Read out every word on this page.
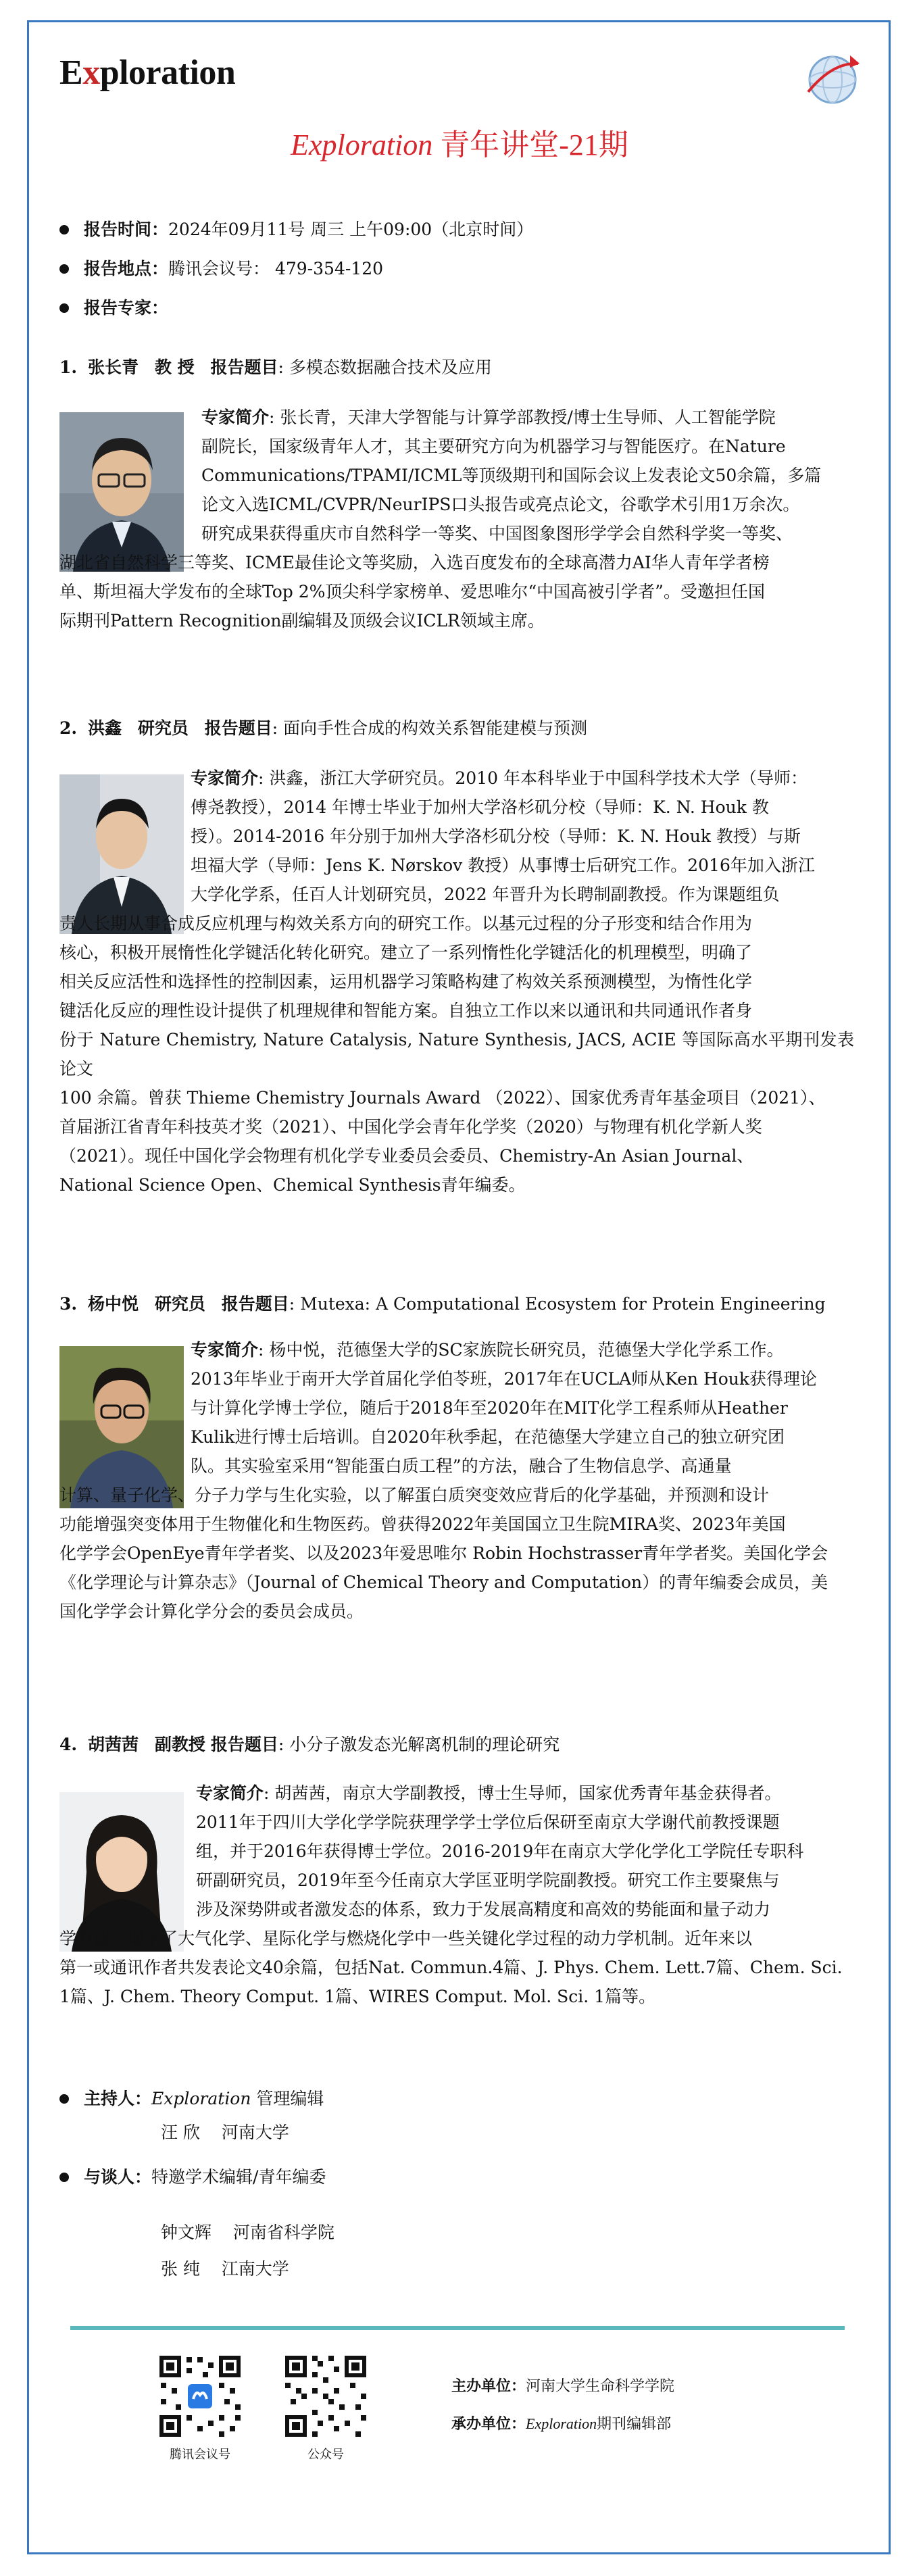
Exploration
Exploration 青年讲堂-21期
报告时间：2024年09月11号 周三 上午09:00（北京时间）
报告地点：腾讯会议号： 479-354-120
报告专家：
1. 张长青 教 授 报告题目: 多模态数据融合技术及应用

专家简介: 张长青，天津大学智能与计算学部教授/博士生导师、人工智能学院

副院长，国家级青年人才，其主要研究方向为机器学习与智能医疗。在Nature

Communications/TPAMI/ICML等顶级期刊和国际会议上发表论文50余篇，多篇

论文入选ICML/CVPR/NeurIPS口头报告或亮点论文，谷歌学术引用1万余次。

研究成果获得重庆市自然科学一等奖、中国图象图形学学会自然科学奖一等奖、

湖北省自然科学三等奖、ICME最佳论文等奖励，入选百度发布的全球高潜力AI华人青年学者榜

单、斯坦福大学发布的全球Top 2%顶尖科学家榜单、爱思唯尔“中国高被引学者”。受邀担任国

际期刊Pattern Recognition副编辑及顶级会议ICLR领域主席。

2. 洪鑫 研究员 报告题目: 面向手性合成的构效关系智能建模与预测

专家简介: 洪鑫，浙江大学研究员。2010 年本科毕业于中国科学技术大学（导师：

傅尧教授），2014 年博士毕业于加州大学洛杉矶分校（导师：K. N. Houk 教

授）。2014-2016 年分别于加州大学洛杉矶分校（导师：K. N. Houk 教授）与斯

坦福大学（导师：Jens K. Nørskov 教授）从事博士后研究工作。2016年加入浙江

大学化学系，任百人计划研究员，2022 年晋升为长聘制副教授。作为课题组负

责人长期从事合成反应机理与构效关系方向的研究工作。以基元过程的分子形变和结合作用为

核心，积极开展惰性化学键活化转化研究。建立了一系列惰性化学键活化的机理模型，明确了

相关反应活性和选择性的控制因素，运用机器学习策略构建了构效关系预测模型，为惰性化学

键活化反应的理性设计提供了机理规律和智能方案。自独立工作以来以通讯和共同通讯作者身

份于 Nature Chemistry, Nature Catalysis, Nature Synthesis, JACS, ACIE 等国际高水平期刊发表论文

100 余篇。曾获 Thieme Chemistry Journals Award （2022）、国家优秀青年基金项目（2021）、

首届浙江省青年科技英才奖（2021）、中国化学会青年化学奖（2020）与物理有机化学新人奖

（2021）。现任中国化学会物理有机化学专业委员会委员、Chemistry-An Asian Journal、

National Science Open、Chemical Synthesis青年编委。

3. 杨中悦 研究员 报告题目: Mutexa: A Computational Ecosystem for Protein Engineering

专家简介: 杨中悦，范德堡大学的SC家族院长研究员，范德堡大学化学系工作。

2013年毕业于南开大学首届化学伯苓班，2017年在UCLA师从Ken Houk获得理论

与计算化学博士学位，随后于2018年至2020年在MIT化学工程系师从Heather

Kulik进行博士后培训。自2020年秋季起，在范德堡大学建立自己的独立研究团

队。其实验室采用“智能蛋白质工程”的方法，融合了生物信息学、高通量

计算、量子化学、分子力学与生化实验，以了解蛋白质突变效应背后的化学基础，并预测和设计

功能增强突变体用于生物催化和生物医药。曾获得2022年美国国立卫生院MIRA奖、2023年美国

化学学会OpenEye青年学者奖、以及2023年爱思唯尔 Robin Hochstrasser青年学者奖。美国化学会

《化学理论与计算杂志》（Journal of Chemical Theory and Computation）的青年编委会成员，美

国化学学会计算化学分会的委员会成员。

4. 胡茜茜 副教授 报告题目: 小分子激发态光解离机制的理论研究

专家简介: 胡茜茜，南京大学副教授，博士生导师，国家优秀青年基金获得者。

2011年于四川大学化学学院获理学学士学位后保研至南京大学谢代前教授课题

组，并于2016年获得博士学位。2016-2019年在南京大学化学化工学院任专职科

研副研究员，2019年至今任南京大学匡亚明学院副教授。研究工作主要聚焦与

涉及深势阱或者激发态的体系，致力于发展高精度和高效的势能面和量子动力

学方法，揭示了大气化学、星际化学与燃烧化学中一些关键化学过程的动力学机制。近年来以

第一或通讯作者共发表论文40余篇，包括Nat. Commun.4篇、J. Phys. Chem. Lett.7篇、Chem. Sci.

1篇、J. Chem. Theory Comput. 1篇、WIRES Comput. Mol. Sci. 1篇等。

主持人：Exploration 管理编辑
汪 欣 河南大学
与谈人：特邀学术编辑/青年编委
钟文辉 河南省科学院
张 纯 江南大学
腾讯会议号	公众号
主办单位：河南大学生命科学学院
承办单位：Exploration期刊编辑部
